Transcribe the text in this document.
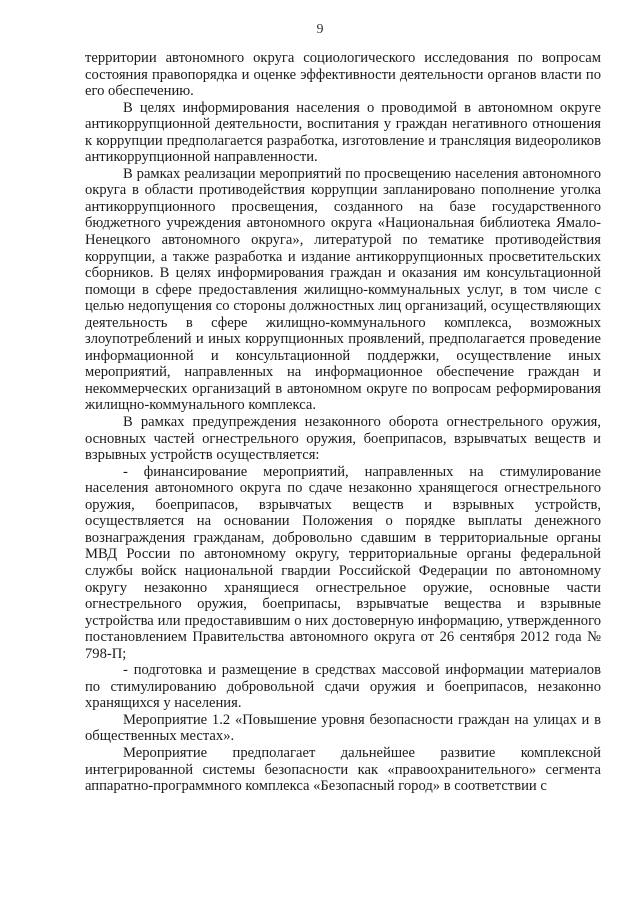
9

территории автономного округа социологического исследования по вопросам состояния правопорядка и оценке эффективности деятельности органов власти по его обеспечению.

В целях информирования населения о проводимой в автономном округе антикоррупционной деятельности, воспитания у граждан негативного отношения к коррупции предполагается разработка, изготовление и трансляция видеороликов антикоррупционной направленности.

В рамках реализации мероприятий по просвещению населения автономного округа в области противодействия коррупции запланировано пополнение уголка антикоррупционного просвещения, созданного на базе государственного бюджетного учреждения автономного округа «Национальная библиотека Ямало-Ненецкого автономного округа», литературой по тематике противодействия коррупции, а также разработка и издание антикоррупционных просветительских сборников. В целях информирования граждан и оказания им консультационной помощи в сфере предоставления жилищно-коммунальных услуг, в том числе с целью недопущения со стороны должностных лиц организаций, осуществляющих деятельность в сфере жилищно-коммунального комплекса, возможных злоупотреблений и иных коррупционных проявлений, предполагается проведение информационной и консультационной поддержки, осуществление иных мероприятий, направленных на информационное обеспечение граждан и некоммерческих организаций в автономном округе по вопросам реформирования жилищно-коммунального комплекса.

В рамках предупреждения незаконного оборота огнестрельного оружия, основных частей огнестрельного оружия, боеприпасов, взрывчатых веществ и взрывных устройств осуществляется:

- финансирование мероприятий, направленных на стимулирование населения автономного округа по сдаче незаконно хранящегося огнестрельного оружия, боеприпасов, взрывчатых веществ и взрывных устройств, осуществляется на основании Положения о порядке выплаты денежного вознаграждения гражданам, добровольно сдавшим в территориальные органы МВД России по автономному округу, территориальные органы федеральной службы войск национальной гвардии Российской Федерации по автономному округу незаконно хранящиеся огнестрельное оружие, основные части огнестрельного оружия, боеприпасы, взрывчатые вещества и взрывные устройства или предоставившим о них достоверную информацию, утвержденного постановлением Правительства автономного округа от 26 сентября 2012 года № 798-П;

- подготовка и размещение в средствах массовой информации материалов по стимулированию добровольной сдачи оружия и боеприпасов, незаконно хранящихся у населения.

Мероприятие 1.2 «Повышение уровня безопасности граждан на улицах и в общественных местах».

Мероприятие предполагает дальнейшее развитие комплексной интегрированной системы безопасности как «правоохранительного» сегмента аппаратно-программного комплекса «Безопасный город» в соответствии с
